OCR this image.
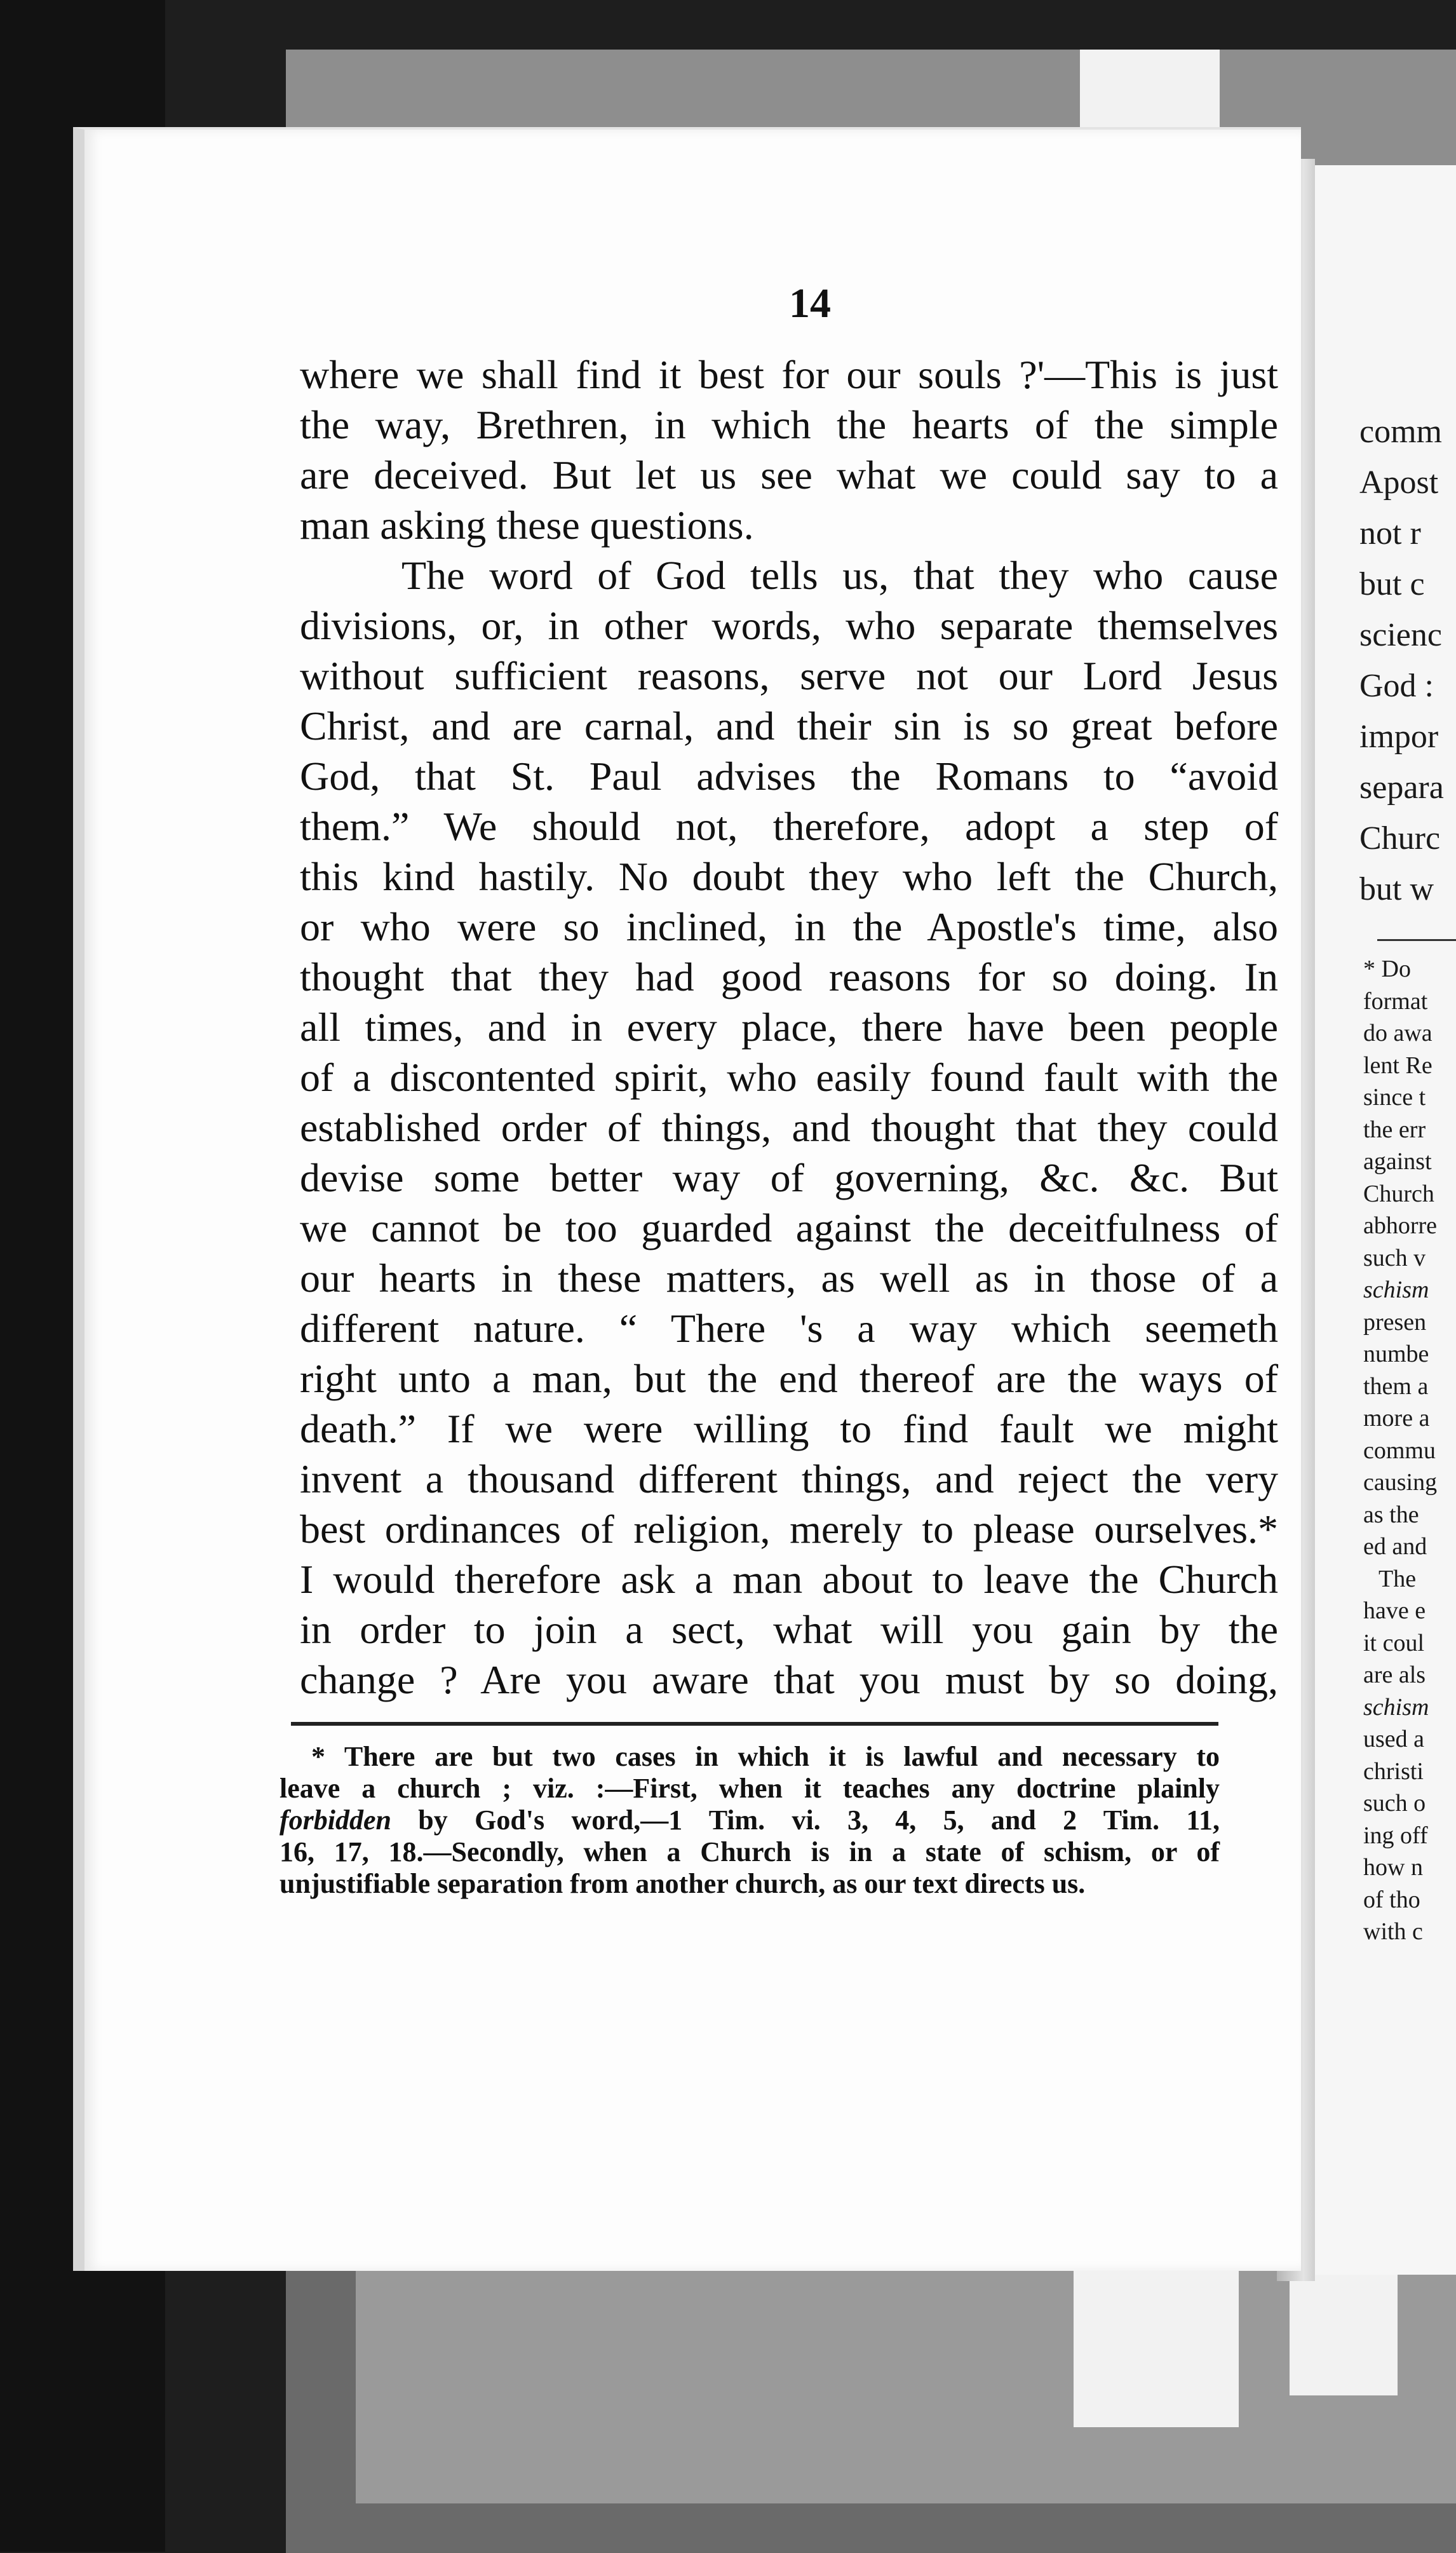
14
where we shall find it best for our souls ?'—This is just
the way, Brethren, in which the hearts of the simple
are deceived. But let us see what we could say to a
man asking these questions.
The word of God tells us, that they who cause
divisions, or, in other words, who separate themselves
without sufficient reasons, serve not our Lord Jesus
Christ, and are carnal, and their sin is so great before
God, that St. Paul advises the Romans to “avoid
them.” We should not, therefore, adopt a step of
this kind hastily. No doubt they who left the Church,
or who were so inclined, in the Apostle's time, also
thought that they had good reasons for so doing. In
all times, and in every place, there have been people
of a discontented spirit, who easily found fault with the
established order of things, and thought that they could
devise some better way of governing, &c. &c. But
we cannot be too guarded against the deceitfulness of
our hearts in these matters, as well as in those of a
different nature. “ There 's a way which seemeth
right unto a man, but the end thereof are the ways of
death.” If we were willing to find fault we might
invent a thousand different things, and reject the very
best ordinances of religion, merely to please ourselves.*
I would therefore ask a man about to leave the Church
in order to join a sect, what will you gain by the
change ? Are you aware that you must by so doing,
* There are but two cases in which it is lawful and necessary to
leave a church ; viz. :—First, when it teaches any doctrine plainly
forbidden by God's word,—1 Tim. vi. 3, 4, 5, and 2 Tim. 11,
16, 17, 18.—Secondly, when a Church is in a state of schism, or of
unjustifiable separation from another church, as our text directs us.
comm
Apost
not r
but c
scienc
God :
impor
separa
Churc
but w
* Do
format
do awa
lent Re
since t
the err
against
Church
abhorre
such v
schism
presen
numbe
them a
more a
commu
causing
as the
ed and
The
have e
it coul
are als
schism
used a
christi
such o
ing off
how n
of tho
with c
